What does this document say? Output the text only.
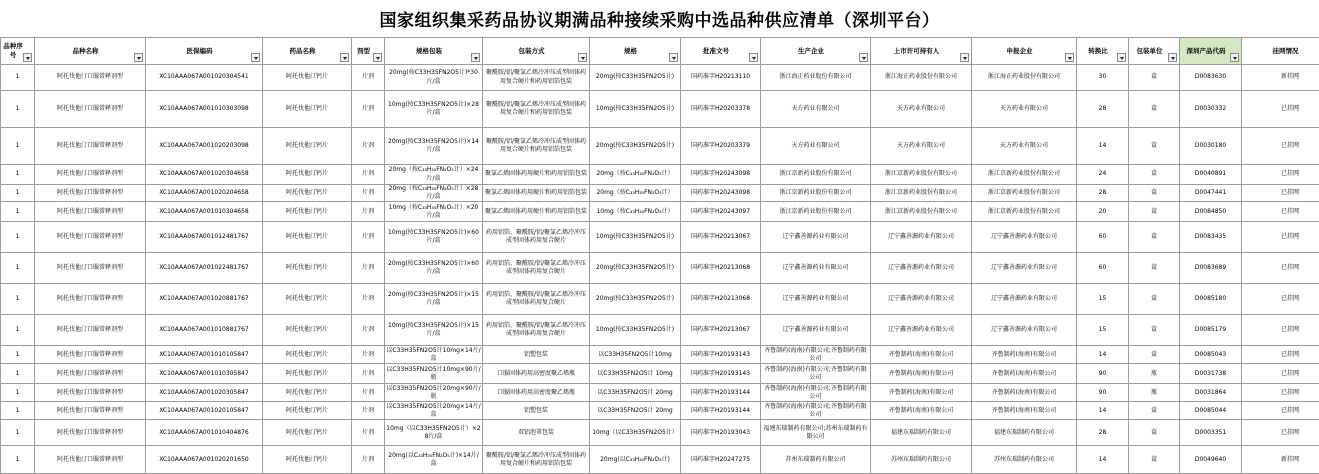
国家组织集采药品协议期满品种接续采购中选品种供应清单（深圳平台）
品种序号	品种名称	医保编码	药品名称	剂型	规格包装	包装方式	规格	批准文号	生产企业	上市许可持有人	申报企业	转换比	包装单位	深圳产品代码	挂网情况

1	阿托伐他汀口服常释剂型	XC10AAA067A001020304541	阿托伐他汀钙片	片剂	20mg(按C33H35FN2O5计)*30片/盒	聚酰胺/铝/聚氯乙烯冷冲压成型固体药用复合硬片和药用铝箔包装	20mg(按C33H35FN2O5计)	国药准字H20213110	浙江海正药业股份有限公司	浙江海正药业股份有限公司	浙江海正药业股份有限公司	30	盒	D0083630	新挂网

1	阿托伐他汀口服常释剂型	XC10AAA067A001010303098	阿托伐他汀钙片	片剂	10mg(按C33H35FN2O5计)×28片/盒	聚酰胺/铝/聚氯乙烯冷冲压成型固体药用复合硬片和药用铝箔包装	10mg(按C33H35FN2O5计)	国药准字H20203378	天方药业有限公司	天方药业有限公司	天方药业有限公司	28	盒	D0030332	已挂网

1	阿托伐他汀口服常释剂型	XC10AAA067A001020203098	阿托伐他汀钙片	片剂	20mg(按C33H35FN2O5计)×14片/盒	聚酰胺/铝/聚氯乙烯冷冲压成型固体药用复合硬片和药用铝箔包装	20mg(按C33H35FN2O5计)	国药准字H20203379	天方药业有限公司	天方药业有限公司	天方药业有限公司	14	盒	D0030180	已挂网

1	阿托伐他汀口服常释剂型	XC10AAA067A001020304658	阿托伐他汀钙片	片剂	20mg（按C₃₃H₃₅FN₂O₅计）×24片/盒	聚氯乙烯固体药用硬片和药用铝箔包装	20mg（按C₃₃H₃₅FN₂O₅计）	国药准字H20243098	浙江京新药业股份有限公司	浙江京新药业股份有限公司	浙江京新药业股份有限公司	24	盒	D0040891	已挂网

1	阿托伐他汀口服常释剂型	XC10AAA067A001020204658	阿托伐他汀钙片	片剂	20mg（按C₃₃H₃₅FN₂O₅计）×28片/盒	聚氯乙烯固体药用硬片和药用铝箔包装	20mg（按C₃₃H₃₅FN₂O₅计）	国药准字H20243098	浙江京新药业股份有限公司	浙江京新药业股份有限公司	浙江京新药业股份有限公司	28	盒	D0047441	已挂网

1	阿托伐他汀口服常释剂型	XC10AAA067A001010304658	阿托伐他汀钙片	片剂	10mg（按C₃₃H₃₅FN₂O₅计）×20片/盒	聚氯乙烯固体药用硬片和药用铝箔包装	10mg（按C₃₃H₃₅FN₂O₅计）	国药准字H20243097	浙江京新药业股份有限公司	浙江京新药业股份有限公司	浙江京新药业股份有限公司	20	盒	D0084850	已挂网

1	阿托伐他汀口服常释剂型	XC10AAA067A001012481767	阿托伐他汀钙片	片剂	10mg(按C33H35FN2O5计)×60片/盒	药用铝箔、聚酰胺/铝/聚氯乙烯冷冲压成型固体药用复合硬片	10mg(按C33H35FN2O5计)	国药准字H20213067	辽宁鑫善源药业有限公司	辽宁鑫善源药业有限公司	辽宁鑫善源药业有限公司	60	盒	D0083435	已挂网

1	阿托伐他汀口服常释剂型	XC10AAA067A001022481767	阿托伐他汀钙片	片剂	20mg(按C33H35FN2O5计)×60片/盒	药用铝箔、聚酰胺/铝/聚氯乙烯冷冲压成型固体药用复合硬片	20mg(按C33H35FN2O5计)	国药准字H20213068	辽宁鑫善源药业有限公司	辽宁鑫善源药业有限公司	辽宁鑫善源药业有限公司	60	盒	D0083689	已挂网

1	阿托伐他汀口服常释剂型	XC10AAA067A001020881767	阿托伐他汀钙片	片剂	20mg(按C33H35FN2O5计)×15片/盒	药用铝箔、聚酰胺/铝/聚氯乙烯冷冲压成型固体药用复合硬片	20mg(按C33H35FN2O5计)	国药准字H20213068	辽宁鑫善源药业有限公司	辽宁鑫善源药业有限公司	辽宁鑫善源药业有限公司	15	盒	D0085180	已挂网

1	阿托伐他汀口服常释剂型	XC10AAA067A001010881767	阿托伐他汀钙片	片剂	10mg(按C33H35FN2O5计)×15片/盒	药用铝箔、聚酰胺/铝/聚氯乙烯冷冲压成型固体药用复合硬片	10mg(按C33H35FN2O5计)	国药准字H20213067	辽宁鑫善源药业有限公司	辽宁鑫善源药业有限公司	辽宁鑫善源药业有限公司	15	盒	D0085179	已挂网

1	阿托伐他汀口服常释剂型	XC10AAA067A001010105847	阿托伐他汀钙片	片剂	以C33H35FN2O5计10mg×14片/盒	铝塑包装	以C33H35FN2O5计10mg	国药准字H20193143	齐鲁制药(海南)有限公司;齐鲁制药有限公司	齐鲁制药(海南)有限公司	齐鲁制药(海南)有限公司	14	盒	D0085043	已挂网

1	阿托伐他汀口服常释剂型	XC10AAA067A001010305847	阿托伐他汀钙片	片剂	以C33H35FN2O5计10mg×90片/瓶	口服固体药用高密度聚乙烯瓶	以C33H35FN2O5计 10mg	国药准字H20193143	齐鲁制药(海南)有限公司;齐鲁制药有限公司	齐鲁制药(海南)有限公司	齐鲁制药(海南)有限公司	90	瓶	D0031738	已挂网

1	阿托伐他汀口服常释剂型	XC10AAA067A001020305847	阿托伐他汀钙片	片剂	以C33H35FN2O5计20mg×90片/瓶	口服固体药用高密度聚乙烯瓶	以C33H35FN2O5计 20mg	国药准字H20193144	齐鲁制药(海南)有限公司;齐鲁制药有限公司	齐鲁制药(海南)有限公司	齐鲁制药(海南)有限公司	90	瓶	D0031864	已挂网

1	阿托伐他汀口服常释剂型	XC10AAA067A001020105847	阿托伐他汀钙片	片剂	以C33H35FN2O5计20mg×14片/盒	铝塑包装	以C33H35FN2O5计 20mg	国药准字H20193144	齐鲁制药(海南)有限公司;齐鲁制药有限公司	齐鲁制药(海南)有限公司	齐鲁制药(海南)有限公司	14	盒	D0085044	已挂网

1	阿托伐他汀口服常释剂型	XC10AAA067A001010404876	阿托伐他汀钙片	片剂	10mg（以C33H35FN2O5计）×28片/盒	双铝泡罩包装	10mg（以C33H35FN2O5计）	国药准字H20193043	福建东瑞制药有限公司;苏州东瑞制药有限公司	福建东瑞制药有限公司	福建东瑞制药有限公司	28	盒	D0003351	已挂网

1	阿托伐他汀口服常释剂型	XC10AAA067A001020201650	阿托伐他汀钙片	片剂	20mg(以C₃₃H₃₅FN₂O₅计)×14片/盒	聚酰胺/铝/聚氯乙烯冷冲压成型固体药用复合硬片和药用铝箔包装	20mg(以C₃₃H₃₅FN₂O₅计)	国药准字H20247275	苏州东瑞制药有限公司	苏州东瑞制药有限公司	苏州东瑞制药有限公司	14	盒	D0049640	新挂网
